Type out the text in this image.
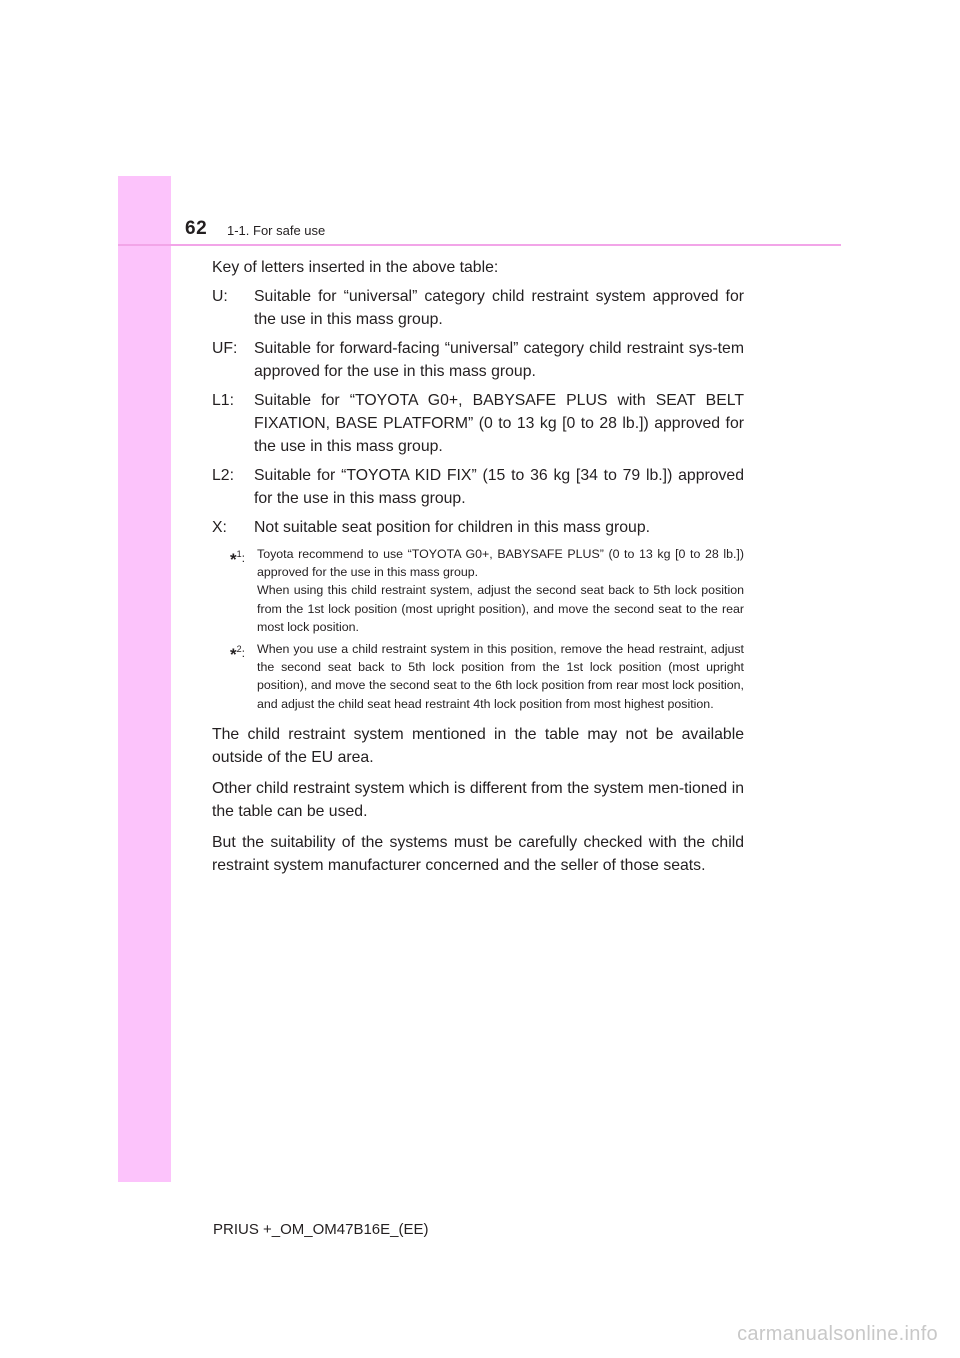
62 1-1. For safe use

Key of letters inserted in the above table:

U:	Suitable for “universal” category child restraint system approved for the use in this mass group.
UF:	Suitable for forward-facing “universal” category child restraint sys-tem approved for the use in this mass group.
L1:	Suitable for “TOYOTA G0+, BABYSAFE PLUS with SEAT BELT FIXATION, BASE PLATFORM” (0 to 13 kg [0 to 28 lb.]) approved for the use in this mass group.
L2:	Suitable for “TOYOTA KID FIX” (15 to 36 kg [34 to 79 lb.]) approved for the use in this mass group.
X:	Not suitable seat position for children in this mass group.
*$^1$: Toyota recommend to use “TOYOTA G0+, BABYSAFE PLUS” (0 to 13 kg [0 to 28 lb.]) approved for the use in this mass group.

When using this child restraint system, adjust the second seat back to 5th lock position from the 1st lock position (most upright position), and move the second seat to the rear most lock position.

*$^2$: When you use a child restraint system in this position, remove the head restraint, adjust the second seat back to 5th lock position from the 1st lock position (most upright position), and move the second seat to the 6th lock position from rear most lock position, and adjust the child seat head restraint 4th lock position from most highest position.

The child restraint system mentioned in the table may not be available outside of the EU area.

Other child restraint system which is different from the system men-tioned in the table can be used.

But the suitability of the systems must be carefully checked with the child restraint system manufacturer concerned and the seller of those seats.

PRIUS +_OM_OM47B16E_(EE)
carmanualsonline.info
